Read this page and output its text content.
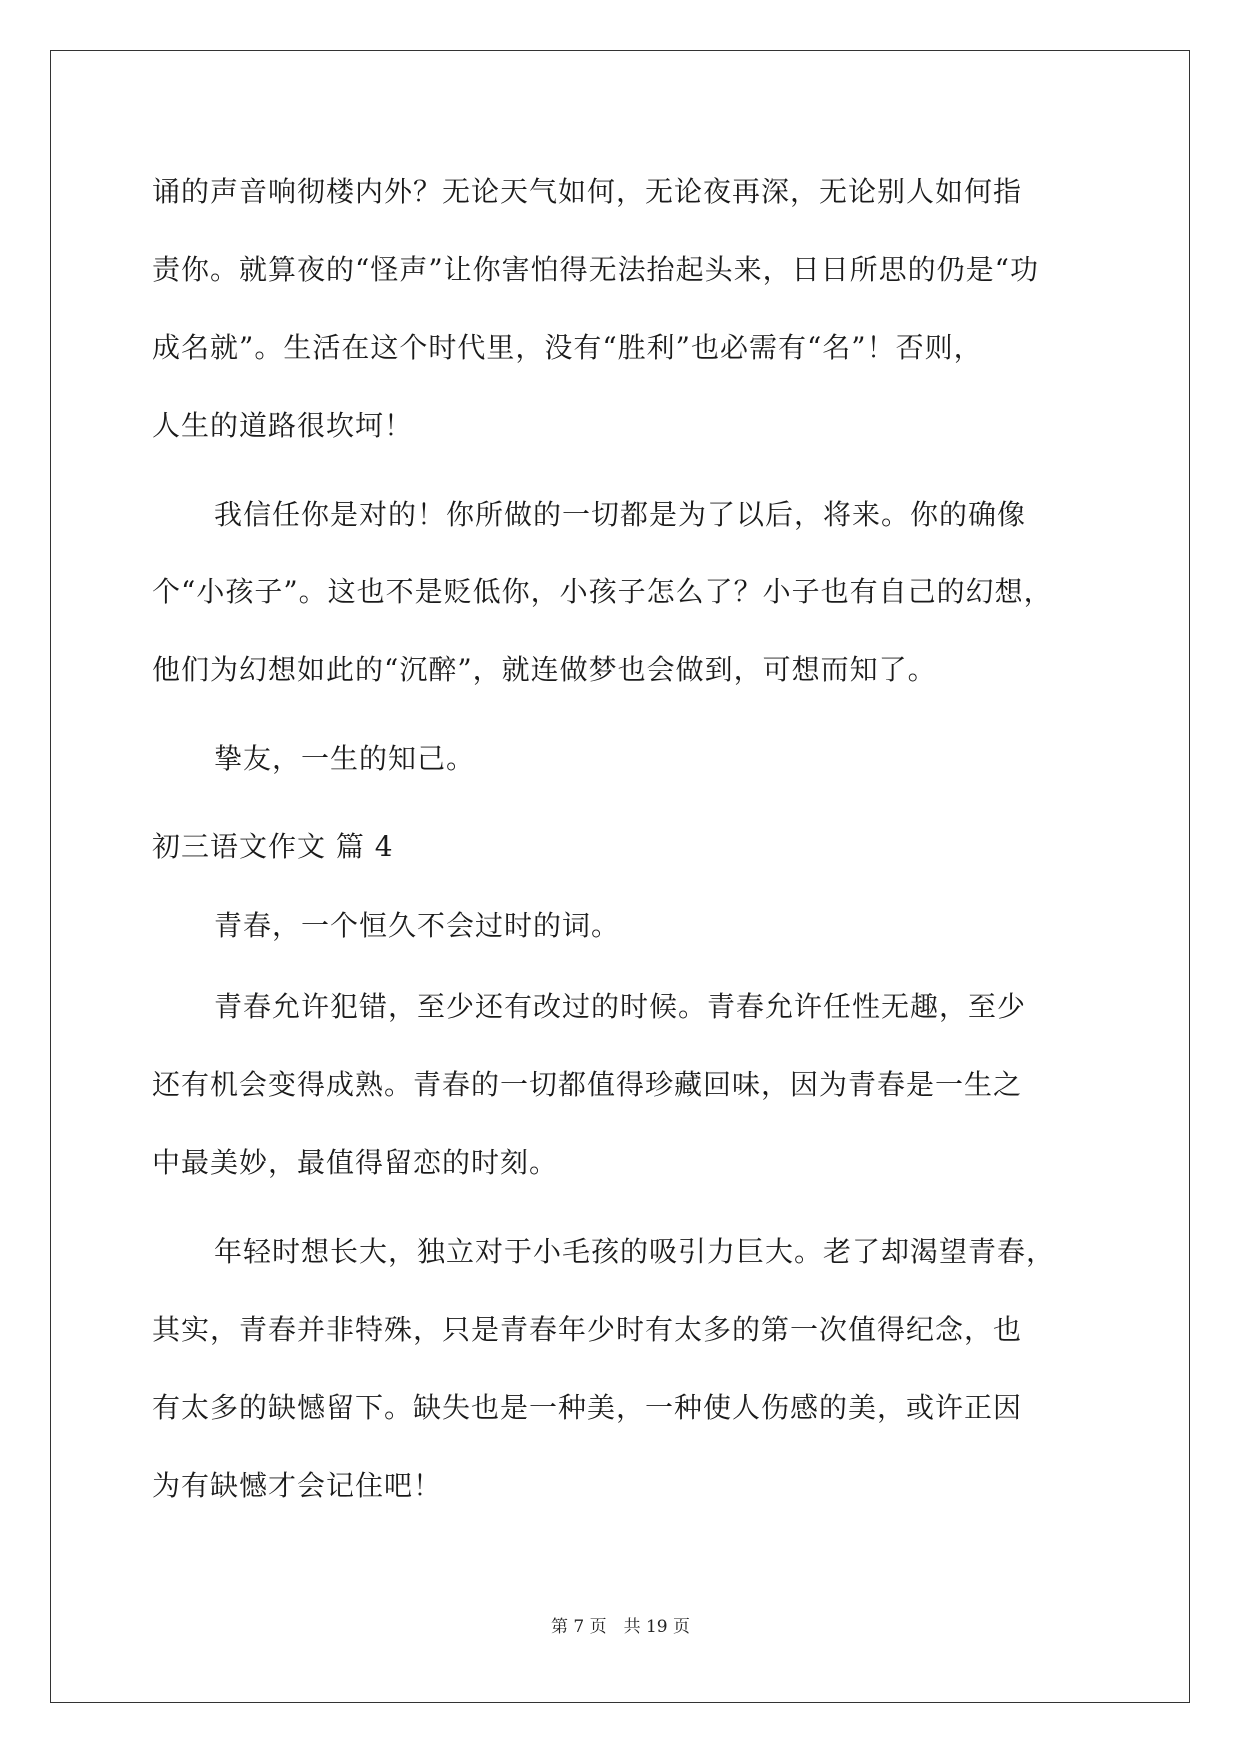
诵的声音响彻楼内外？无论天气如何，无论夜再深，无论别人如何指
责你。就算夜的“怪声”让你害怕得无法抬起头来，日日所思的仍是“功
成名就”。生活在这个时代里，没有“胜利”也必需有“名”！否则，
人生的道路很坎坷！
我信任你是对的！你所做的一切都是为了以后，将来。你的确像
个“小孩子”。这也不是贬低你，小孩子怎么了？小子也有自己的幻想，
他们为幻想如此的“沉醉”，就连做梦也会做到，可想而知了。
挚友，一生的知己。
初三语文作文 篇 4
青春，一个恒久不会过时的词。
青春允许犯错，至少还有改过的时候。青春允许任性无趣，至少
还有机会变得成熟。青春的一切都值得珍藏回味，因为青春是一生之
中最美妙，最值得留恋的时刻。
年轻时想长大，独立对于小毛孩的吸引力巨大。老了却渴望青春，
其实，青春并非特殊，只是青春年少时有太多的第一次值得纪念，也
有太多的缺憾留下。缺失也是一种美，一种使人伤感的美，或许正因
为有缺憾才会记住吧！
第 7 页　共 19 页
